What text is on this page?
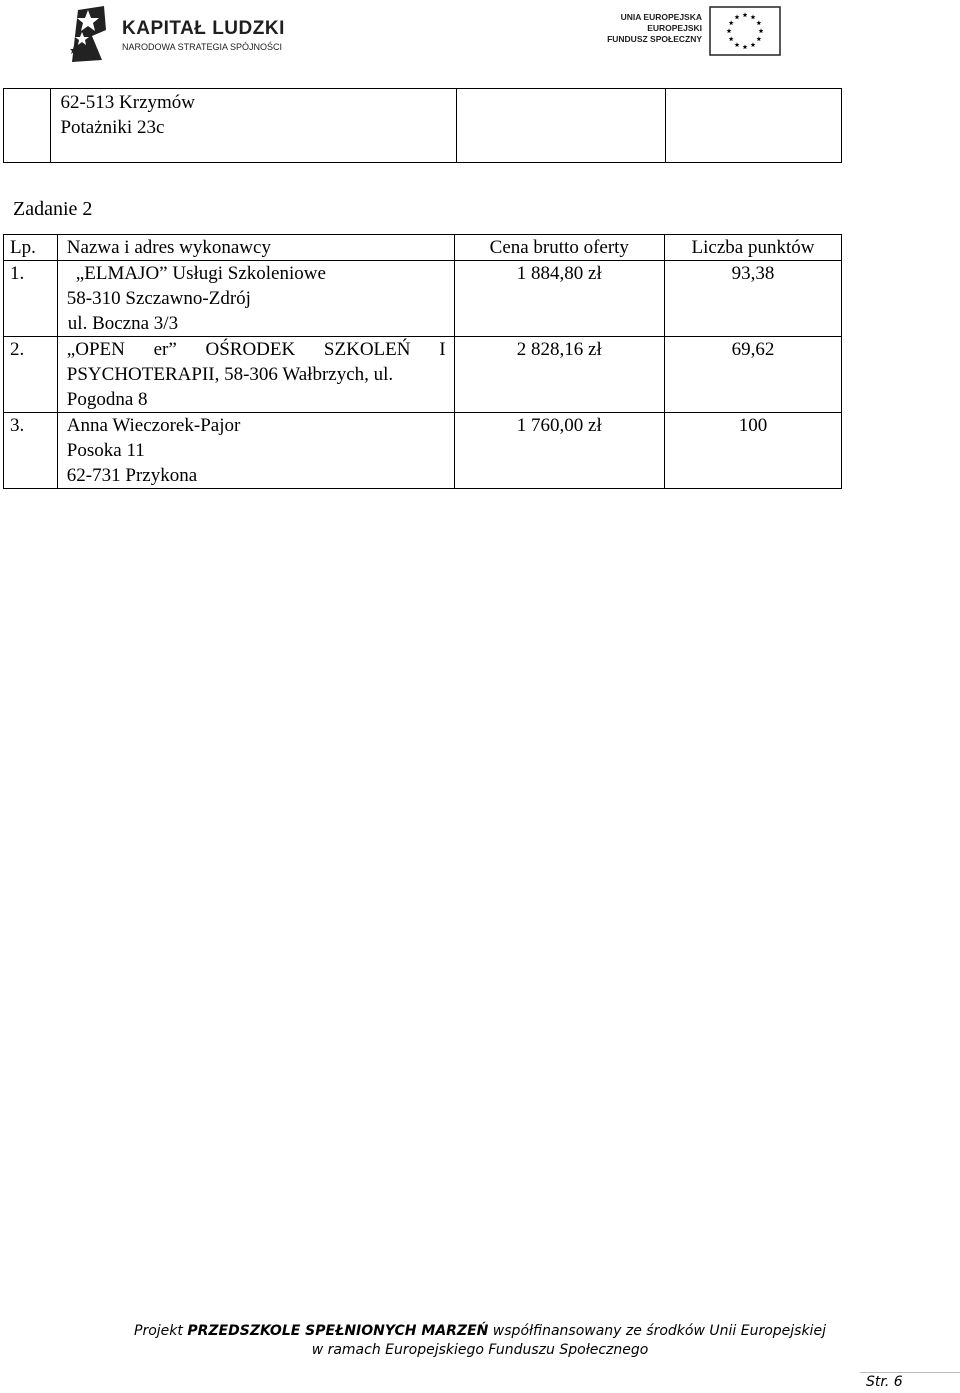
KAPITAŁ LUDZKI
NARODOWA STRATEGIA SPÓJNOŚCI
UNIA EUROPEJSKA
EUROPEJSKI
FUNDUSZ SPOŁECZNY

62-513 Krzymów
Potażniki 23c

Zadanie 2
Lp.	Nazwa i adres wykonawcy	Cena brutto oferty	Liczba punktów
1.	„ELMAJO” Usługi Szkoleniowe
58-310 Szczawno-Zdrój
ul. Boczna 3/3	1 884,80 zł	93,38
2.	„OPEN er” OŚRODEK SZKOLEŃ I
PSYCHOTERAPII, 58-306 Wałbrzych, ul.
Pogodna 8	2 828,16 zł	69,62
3.	Anna Wieczorek-Pajor
Posoka 11
62-731 Przykona	1 760,00 zł	100
Projekt PRZEDSZKOLE SPEŁNIONYCH MARZEŃ współfinansowany ze środków Unii Europejskiej
w ramach Europejskiego Funduszu Społecznego
Str. 6
